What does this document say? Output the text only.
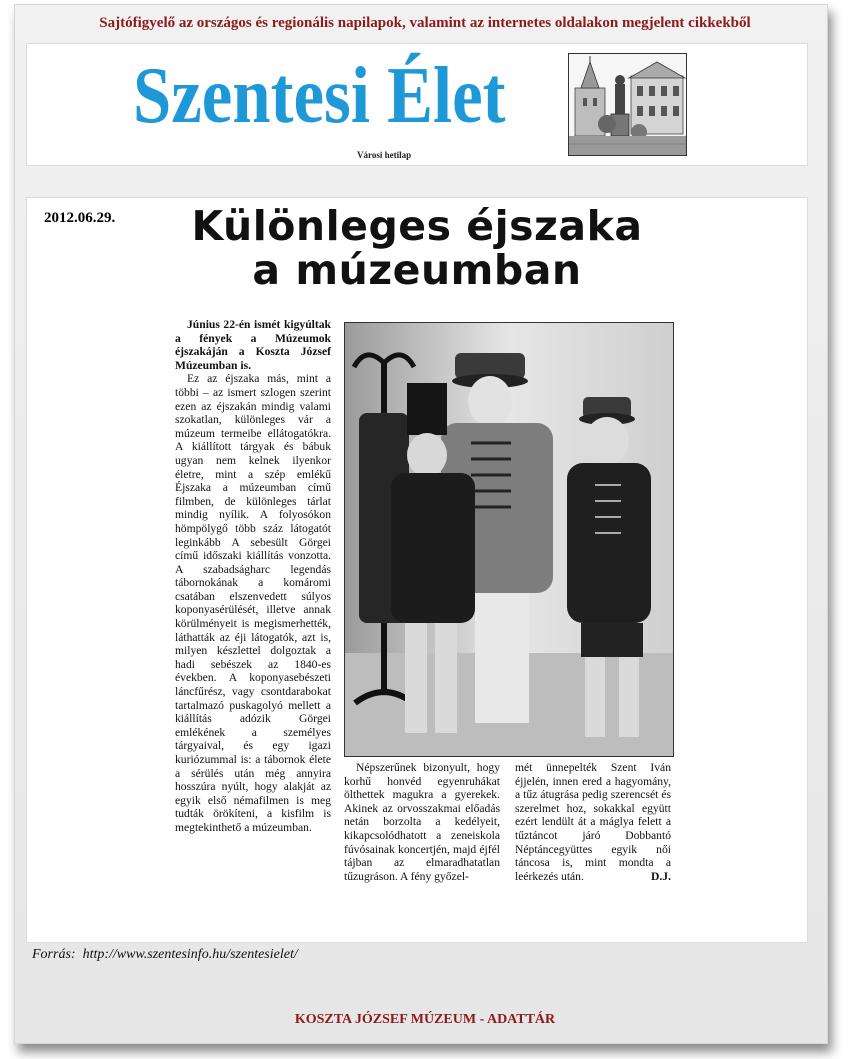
Sajtófigyelő az országos és regionális napilapok, valamint az internetes oldalakon megjelent cikkekből
Szentesi Élet
Városi hetilap
2012.06.29.	Különleges éjszaka
a múzeumban

Június 22-én ismét kigyúltak a fények a Múzeumok éjszakáján a Koszta József Múzeumban is.

Ez az éjszaka más, mint a többi – az ismert szlogen szerint ezen az éjszakán mindig valami szokatlan, különleges vár a múzeum termeibe ellátogatókra. A kiállított tárgyak és bábuk ugyan nem kelnek ilyenkor életre, mint a szép emlékű Éjszaka a múzeumban című filmben, de különleges tárlat mindig nyílik. A folyosókon hömpölygő több száz látogatót leginkább A sebesült Görgei című időszaki kiállítás vonzotta. A szabadságharc legendás tábornokának a komáromi csatában elszenvedett súlyos koponyasérülését, illetve annak körülményeit is megismerhették, láthatták az éji látogatók, azt is, milyen készlettel dolgoztak a hadi sebészek az 1840-es években. A koponyasebészeti láncfűrész, vagy csontdarabokat tartalmazó puskagolyó mellett a kiállítás adózik Görgei emlékének a személyes tárgyaival, és egy igazi kuriózummal is: a tábornok élete a sérülés után még annyira hosszúra nyúlt, hogy alakját az egyik első némafilmen is meg tudták örökíteni, a kisfilm is megtekinthető a múzeumban.

Népszerűnek bizonyult, hogy korhű honvéd egyenruhákat ölthettek magukra a gyerekek. Akinek az orvosszakmai előadás netán borzolta a kedélyeit, kikapcsolódhatott a zeneiskola fúvósainak koncertjén, majd éjfél tájban az elmaradhatatlan tűzugráson. A fény győzel-

mét ünnepelték Szent Iván éjjelén, innen ered a hagyomány, a tűz átugrása pedig szerencsét és szerelmet hoz, sokakkal együtt ezért lendült át a máglya felett a tűztáncot járó Dobbantó Néptáncegyüttes egyik női táncosa is, mint mondta a leérkezés után.	D.J.

Forrás: http://www.szentesinfo.hu/szentesielet/
KOSZTA JÓZSEF MÚZEUM - ADATTÁR
